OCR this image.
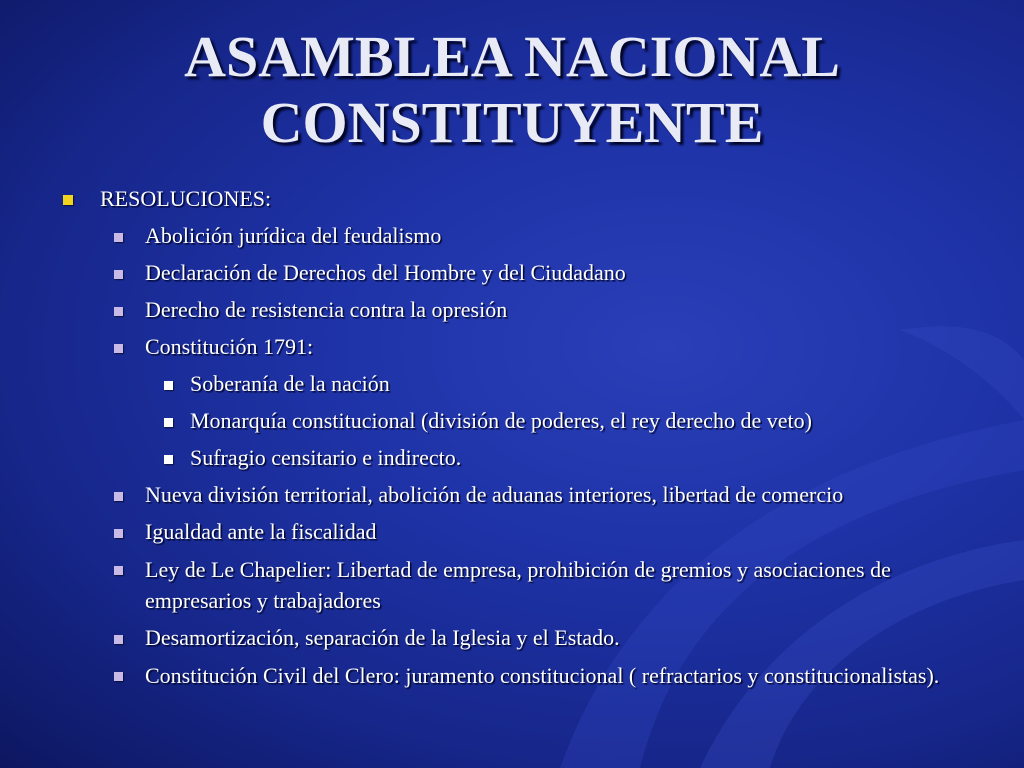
ASAMBLEA NACIONAL
CONSTITUYENTE
RESOLUCIONES:
Abolición jurídica del feudalismo
Declaración de Derechos del Hombre y del Ciudadano
Derecho de resistencia contra la opresión
Constitución 1791:
Soberanía de la nación
Monarquía constitucional (división de poderes, el rey derecho de veto)
Sufragio censitario e indirecto.
Nueva división territorial, abolición de aduanas interiores, libertad de comercio
Igualdad ante la fiscalidad
Ley de Le Chapelier: Libertad de empresa, prohibición de gremios y asociaciones de empresarios y trabajadores
Desamortización, separación de la Iglesia y el Estado.
Constitución Civil del Clero: juramento constitucional ( refractarios y constitucionalistas).
